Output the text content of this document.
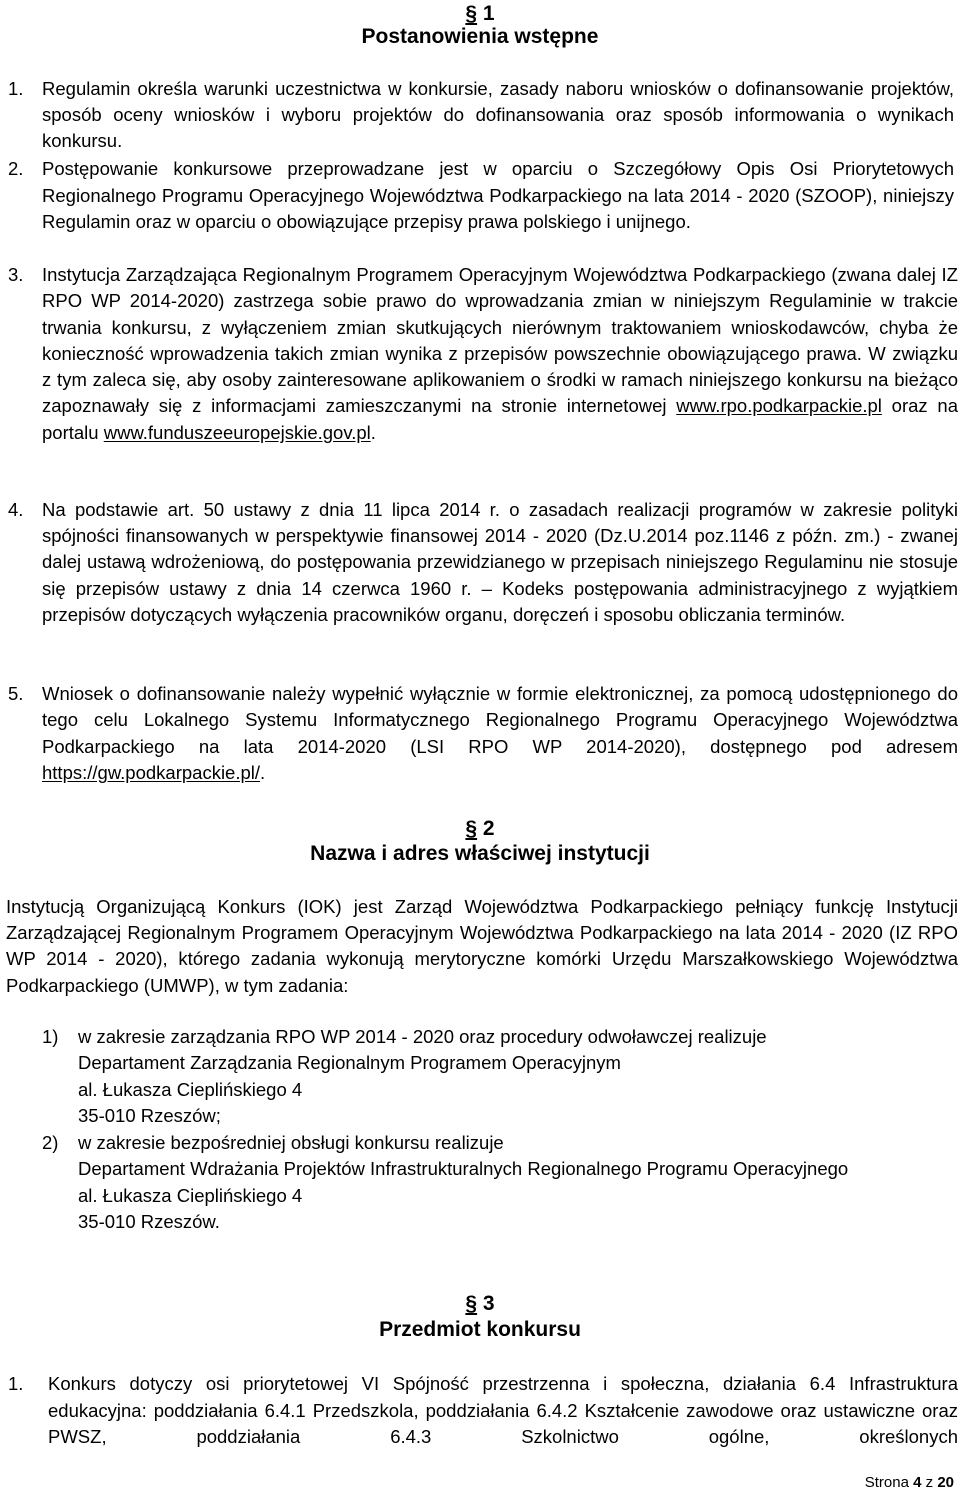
§ 1
Postanowienia wstępne
1. Regulamin określa warunki uczestnictwa w konkursie, zasady naboru wniosków o dofinansowanie projektów, sposób oceny wniosków i wyboru projektów do dofinansowania oraz sposób informowania o wynikach konkursu.

2. Postępowanie konkursowe przeprowadzane jest w oparciu o Szczegółowy Opis Osi Priorytetowych Regionalnego Programu Operacyjnego Województwa Podkarpackiego na lata 2014 - 2020 (SZOOP), niniejszy Regulamin oraz w oparciu o obowiązujące przepisy prawa polskiego i unijnego.

3. Instytucja Zarządzająca Regionalnym Programem Operacyjnym Województwa Podkarpackiego (zwana dalej IZ RPO WP 2014-2020) zastrzega sobie prawo do wprowadzania zmian w niniejszym Regulaminie w trakcie trwania konkursu, z wyłączeniem zmian skutkujących nierównym traktowaniem wnioskodawców, chyba że konieczność wprowadzenia takich zmian wynika z przepisów powszechnie obowiązującego prawa. W związku z tym zaleca się, aby osoby zainteresowane aplikowaniem o środki w ramach niniejszego konkursu na bieżąco zapoznawały się z informacjami zamieszczanymi na stronie internetowej www.rpo.podkarpackie.pl oraz na portalu www.funduszeeuropejskie.gov.pl.

4. Na podstawie art. 50 ustawy z dnia 11 lipca 2014 r. o zasadach realizacji programów w zakresie polityki spójności finansowanych w perspektywie finansowej 2014 - 2020 (Dz.U.2014 poz.1146 z późn. zm.) - zwanej dalej ustawą wdrożeniową, do postępowania przewidzianego w przepisach niniejszego Regulaminu nie stosuje się przepisów ustawy z dnia 14 czerwca 1960 r. – Kodeks postępowania administracyjnego z wyjątkiem przepisów dotyczących wyłączenia pracowników organu, doręczeń i sposobu obliczania terminów.

5. Wniosek o dofinansowanie należy wypełnić wyłącznie w formie elektronicznej, za pomocą udostępnionego do tego celu Lokalnego Systemu Informatycznego Regionalnego Programu Operacyjnego Województwa Podkarpackiego na lata 2014-2020 (LSI RPO WP 2014-2020), dostępnego pod adresem https://gw.podkarpackie.pl/.

§ 2
Nazwa i adres właściwej instytucji

Instytucją Organizującą Konkurs (IOK) jest Zarząd Województwa Podkarpackiego pełniący funkcję Instytucji Zarządzającej Regionalnym Programem Operacyjnym Województwa Podkarpackiego na lata 2014 - 2020 (IZ RPO WP 2014 - 2020), którego zadania wykonują merytoryczne komórki Urzędu Marszałkowskiego Województwa Podkarpackiego (UMWP), w tym zadania:

1) w zakresie zarządzania RPO WP 2014 - 2020 oraz procedury odwoławczej realizuje
Departament Zarządzania Regionalnym Programem Operacyjnym
al. Łukasza Cieplińskiego 4
35-010 Rzeszów;
2) w zakresie bezpośredniej obsługi konkursu realizuje
Departament Wdrażania Projektów Infrastrukturalnych Regionalnego Programu Operacyjnego
al. Łukasza Cieplińskiego 4
35-010 Rzeszów.
§ 3
Przedmiot konkursu
1. Konkurs dotyczy osi priorytetowej VI Spójność przestrzenna i społeczna, działania 6.4 Infrastruktura edukacyjna: poddziałania 6.4.1 Przedszkola, poddziałania 6.4.2 Kształcenie zawodowe oraz ustawiczne oraz PWSZ, poddziałania 6.4.3 Szkolnictwo ogólne, określonych

Strona 4 z 20
